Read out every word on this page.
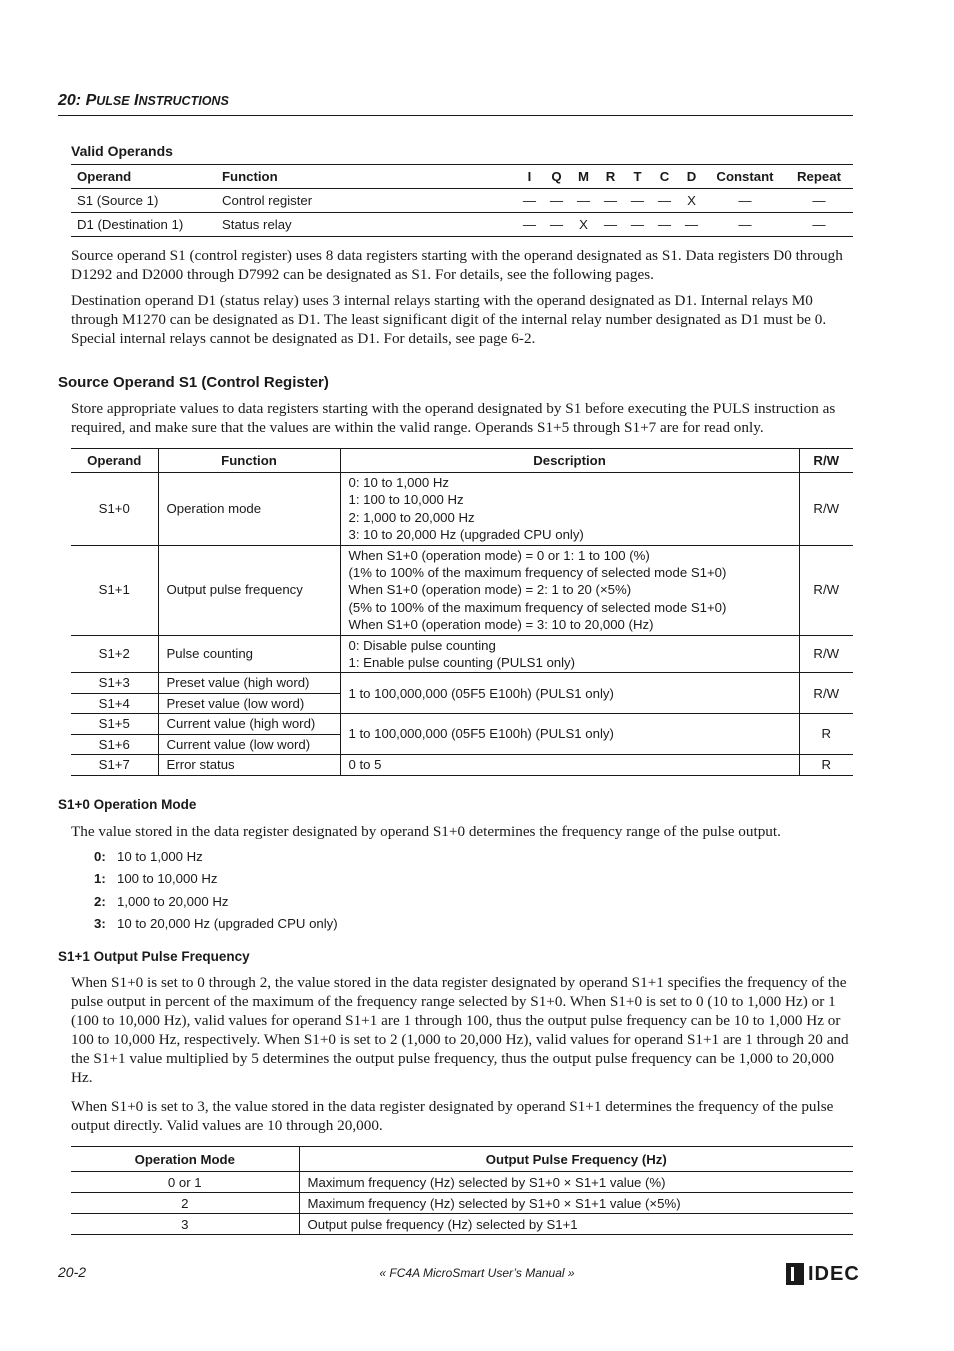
20: PULSE INSTRUCTIONS
Valid Operands
Operand	Function	I	Q	M	R	T	C	D	Constant	Repeat
S1 (Source 1)	Control register	—	—	—	—	—	—	X	—	—
D1 (Destination 1)	Status relay	—	—	X	—	—	—	—	—	—
Source operand S1 (control register) uses 8 data registers starting with the operand designated as S1. Data registers D0 through D1292 and D2000 through D7992 can be designated as S1. For details, see the following pages.
Destination operand D1 (status relay) uses 3 internal relays starting with the operand designated as D1. Internal relays M0 through M1270 can be designated as D1. The least significant digit of the internal relay number designated as D1 must be 0. Special internal relays cannot be designated as D1. For details, see page 6-2.
Source Operand S1 (Control Register)
Store appropriate values to data registers starting with the operand designated by S1 before executing the PULS instruction as required, and make sure that the values are within the valid range. Operands S1+5 through S1+7 are for read only.
Operand	Function	Description	R/W
S1+0	Operation mode	0: 10 to 1,000 Hz
1: 100 to 10,000 Hz
2: 1,000 to 20,000 Hz
3: 10 to 20,000 Hz (upgraded CPU only)	R/W
S1+1	Output pulse frequency	When S1+0 (operation mode) = 0 or 1: 1 to 100 (%)
(1% to 100% of the maximum frequency of selected mode S1+0)
When S1+0 (operation mode) = 2: 1 to 20 (×5%)
(5% to 100% of the maximum frequency of selected mode S1+0)
When S1+0 (operation mode) = 3: 10 to 20,000 (Hz)	R/W
S1+2	Pulse counting	0: Disable pulse counting
1: Enable pulse counting (PULS1 only)	R/W
S1+3	Preset value (high word)	1 to 100,000,000 (05F5 E100h) (PULS1 only)	R/W
S1+4	Preset value (low word)		
S1+5	Current value (high word)	1 to 100,000,000 (05F5 E100h) (PULS1 only)	R
S1+6	Current value (low word)		
S1+7	Error status	0 to 5	R
S1+0 Operation Mode
The value stored in the data register designated by operand S1+0 determines the frequency range of the pulse output.
0: 10 to 1,000 Hz
1: 100 to 10,000 Hz
2: 1,000 to 20,000 Hz
3: 10 to 20,000 Hz (upgraded CPU only)
S1+1 Output Pulse Frequency
When S1+0 is set to 0 through 2, the value stored in the data register designated by operand S1+1 specifies the frequency of the pulse output in percent of the maximum of the frequency range selected by S1+0. When S1+0 is set to 0 (10 to 1,000 Hz) or 1 (100 to 10,000 Hz), valid values for operand S1+1 are 1 through 100, thus the output pulse frequency can be 10 to 1,000 Hz or 100 to 10,000 Hz, respectively. When S1+0 is set to 2 (1,000 to 20,000 Hz), valid values for operand S1+1 are 1 through 20 and the S1+1 value multiplied by 5 determines the output pulse frequency, thus the output pulse frequency can be 1,000 to 20,000 Hz.
When S1+0 is set to 3, the value stored in the data register designated by operand S1+1 determines the frequency of the pulse output directly. Valid values are 10 through 20,000.
Operation Mode	Output Pulse Frequency (Hz)
0 or 1	Maximum frequency (Hz) selected by S1+0 × S1+1 value (%)
2	Maximum frequency (Hz) selected by S1+0 × S1+1 value (×5%)
3	Output pulse frequency (Hz) selected by S1+1
20-2	« FC4A MicroSmart User’s Manual »	IDEC
